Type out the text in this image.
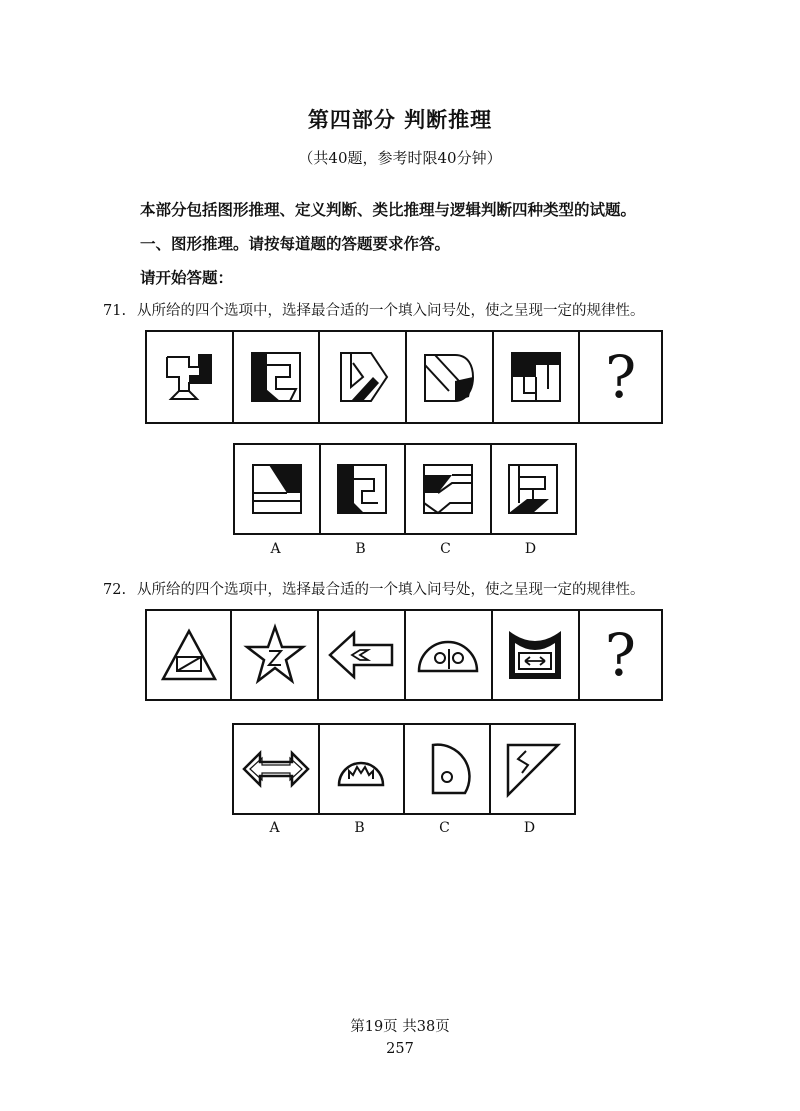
第四部分 判断推理
（共40题，参考时限40分钟）
本部分包括图形推理、定义判断、类比推理与逻辑判断四种类型的试题。
一、图形推理。请按每道题的答题要求作答。
请开始答题：
71. 从所给的四个选项中，选择最合适的一个填入问号处，使之呈现一定的规律性。
?
A	B	C	D
72. 从所给的四个选项中，选择最合适的一个填入问号处，使之呈现一定的规律性。
?
A	B	C	D
第19页 共38页
257
